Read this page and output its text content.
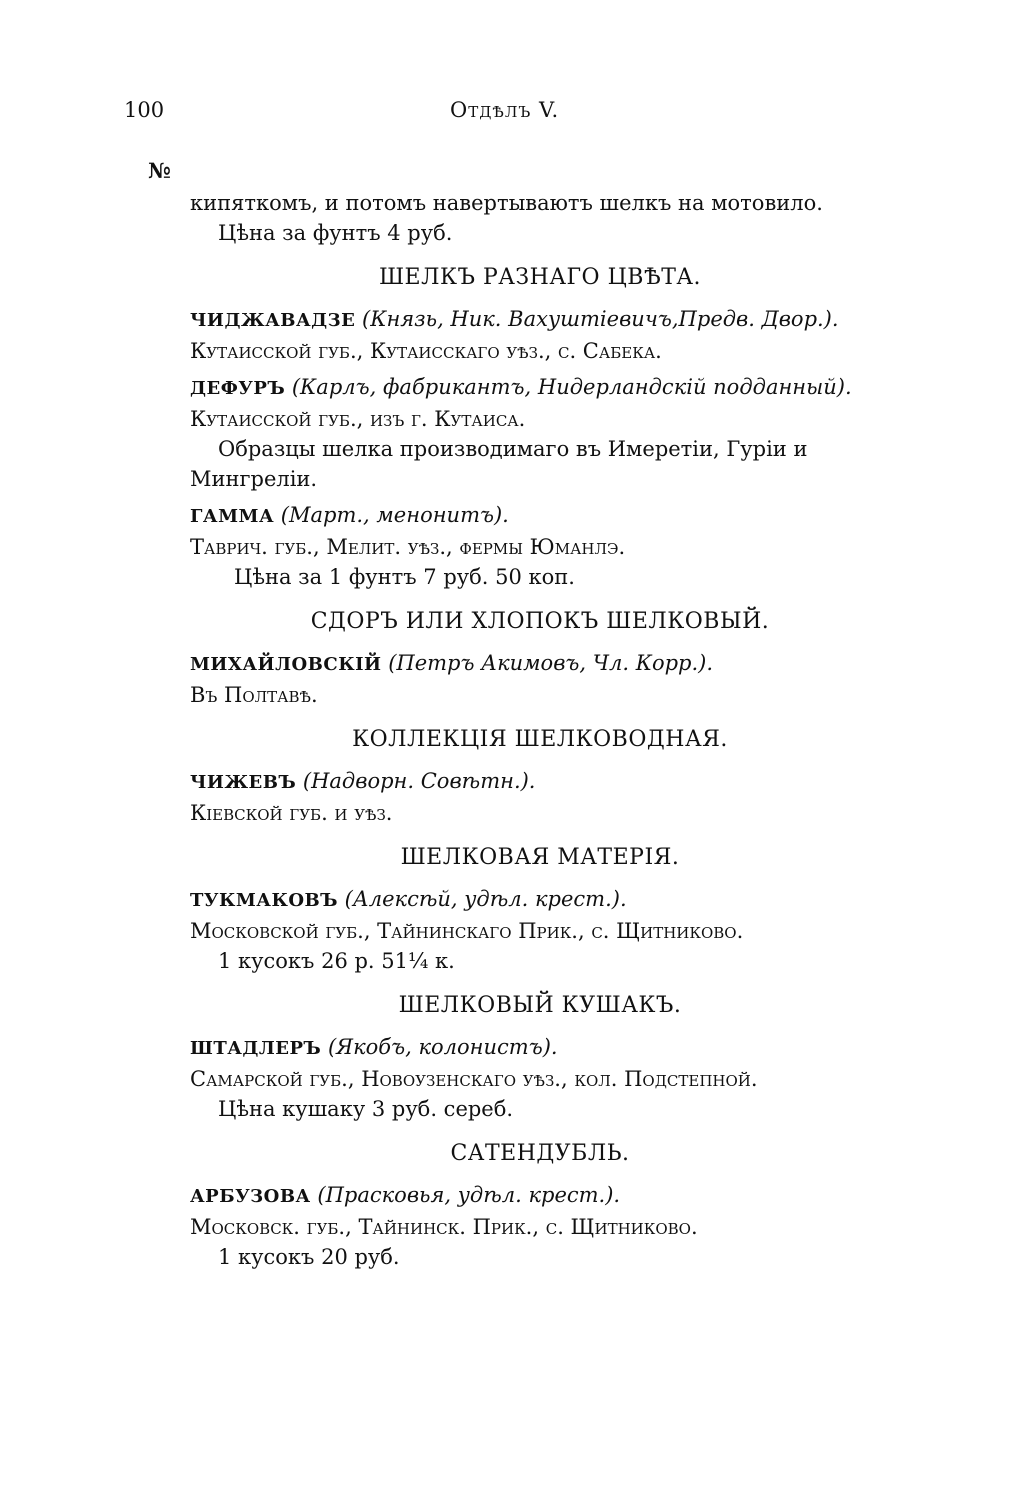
100	Отдѣлъ V.
№
кипяткомъ, и потомъ навертываютъ шелкъ на мотовило.
Цѣна за фунтъ 4 руб.
ШЕЛКЪ РАЗНАГО ЦВѢТА.
ЧИДЖАВАДЗЕ (Князь, Ник. Вахуштіевичъ,Предв. Двор.).
Кутаисской губ., Кутаисскаго уѣз., с. Сабека.
ДЕФУРЪ (Карлъ, фабрикантъ, Нидерландскій подданный).
Кутаисской губ., изъ г. Кутаиса.
Образцы шелка производимаго въ Имеретіи, Гуріи и
Мингреліи.
ГАММА (Март., менонитъ).
Таврич. губ., Мелит. уѣз., фермы Юманлэ.
Цѣна за 1 фунтъ 7 руб. 50 коп.
СДОРЪ ИЛИ ХЛОПОКЪ ШЕЛКОВЫЙ.
МИХАЙЛОВСКІЙ (Петръ Акимовъ, Чл. Корр.).
Въ Полтавѣ.
КОЛЛЕКЦІЯ ШЕЛКОВОДНАЯ.
ЧИЖЕВЪ (Надворн. Совѣтн.).
Кіевской губ. и уѣз.
ШЕЛКОВАЯ МАТЕРІЯ.
ТУКМАКОВЪ (Алексѣй, удѣл. крест.).
Московской губ., Тайнинскаго Прик., с. Щитниково.
1 кусокъ 26 р. 51¼ к.
ШЕЛКОВЫЙ КУШАКЪ.
ШТАДЛЕРЪ (Якобъ, колонистъ).
Самарской губ., Новоузенскаго уѣз., кол. Подстепной.
Цѣна кушаку 3 руб. сереб.
САТЕНДУБЛЬ.
АРБУЗОВА (Прасковья, удѣл. крест.).
Московск. губ., Тайнинск. Прик., с. Щитниково.
1 кусокъ 20 руб.
